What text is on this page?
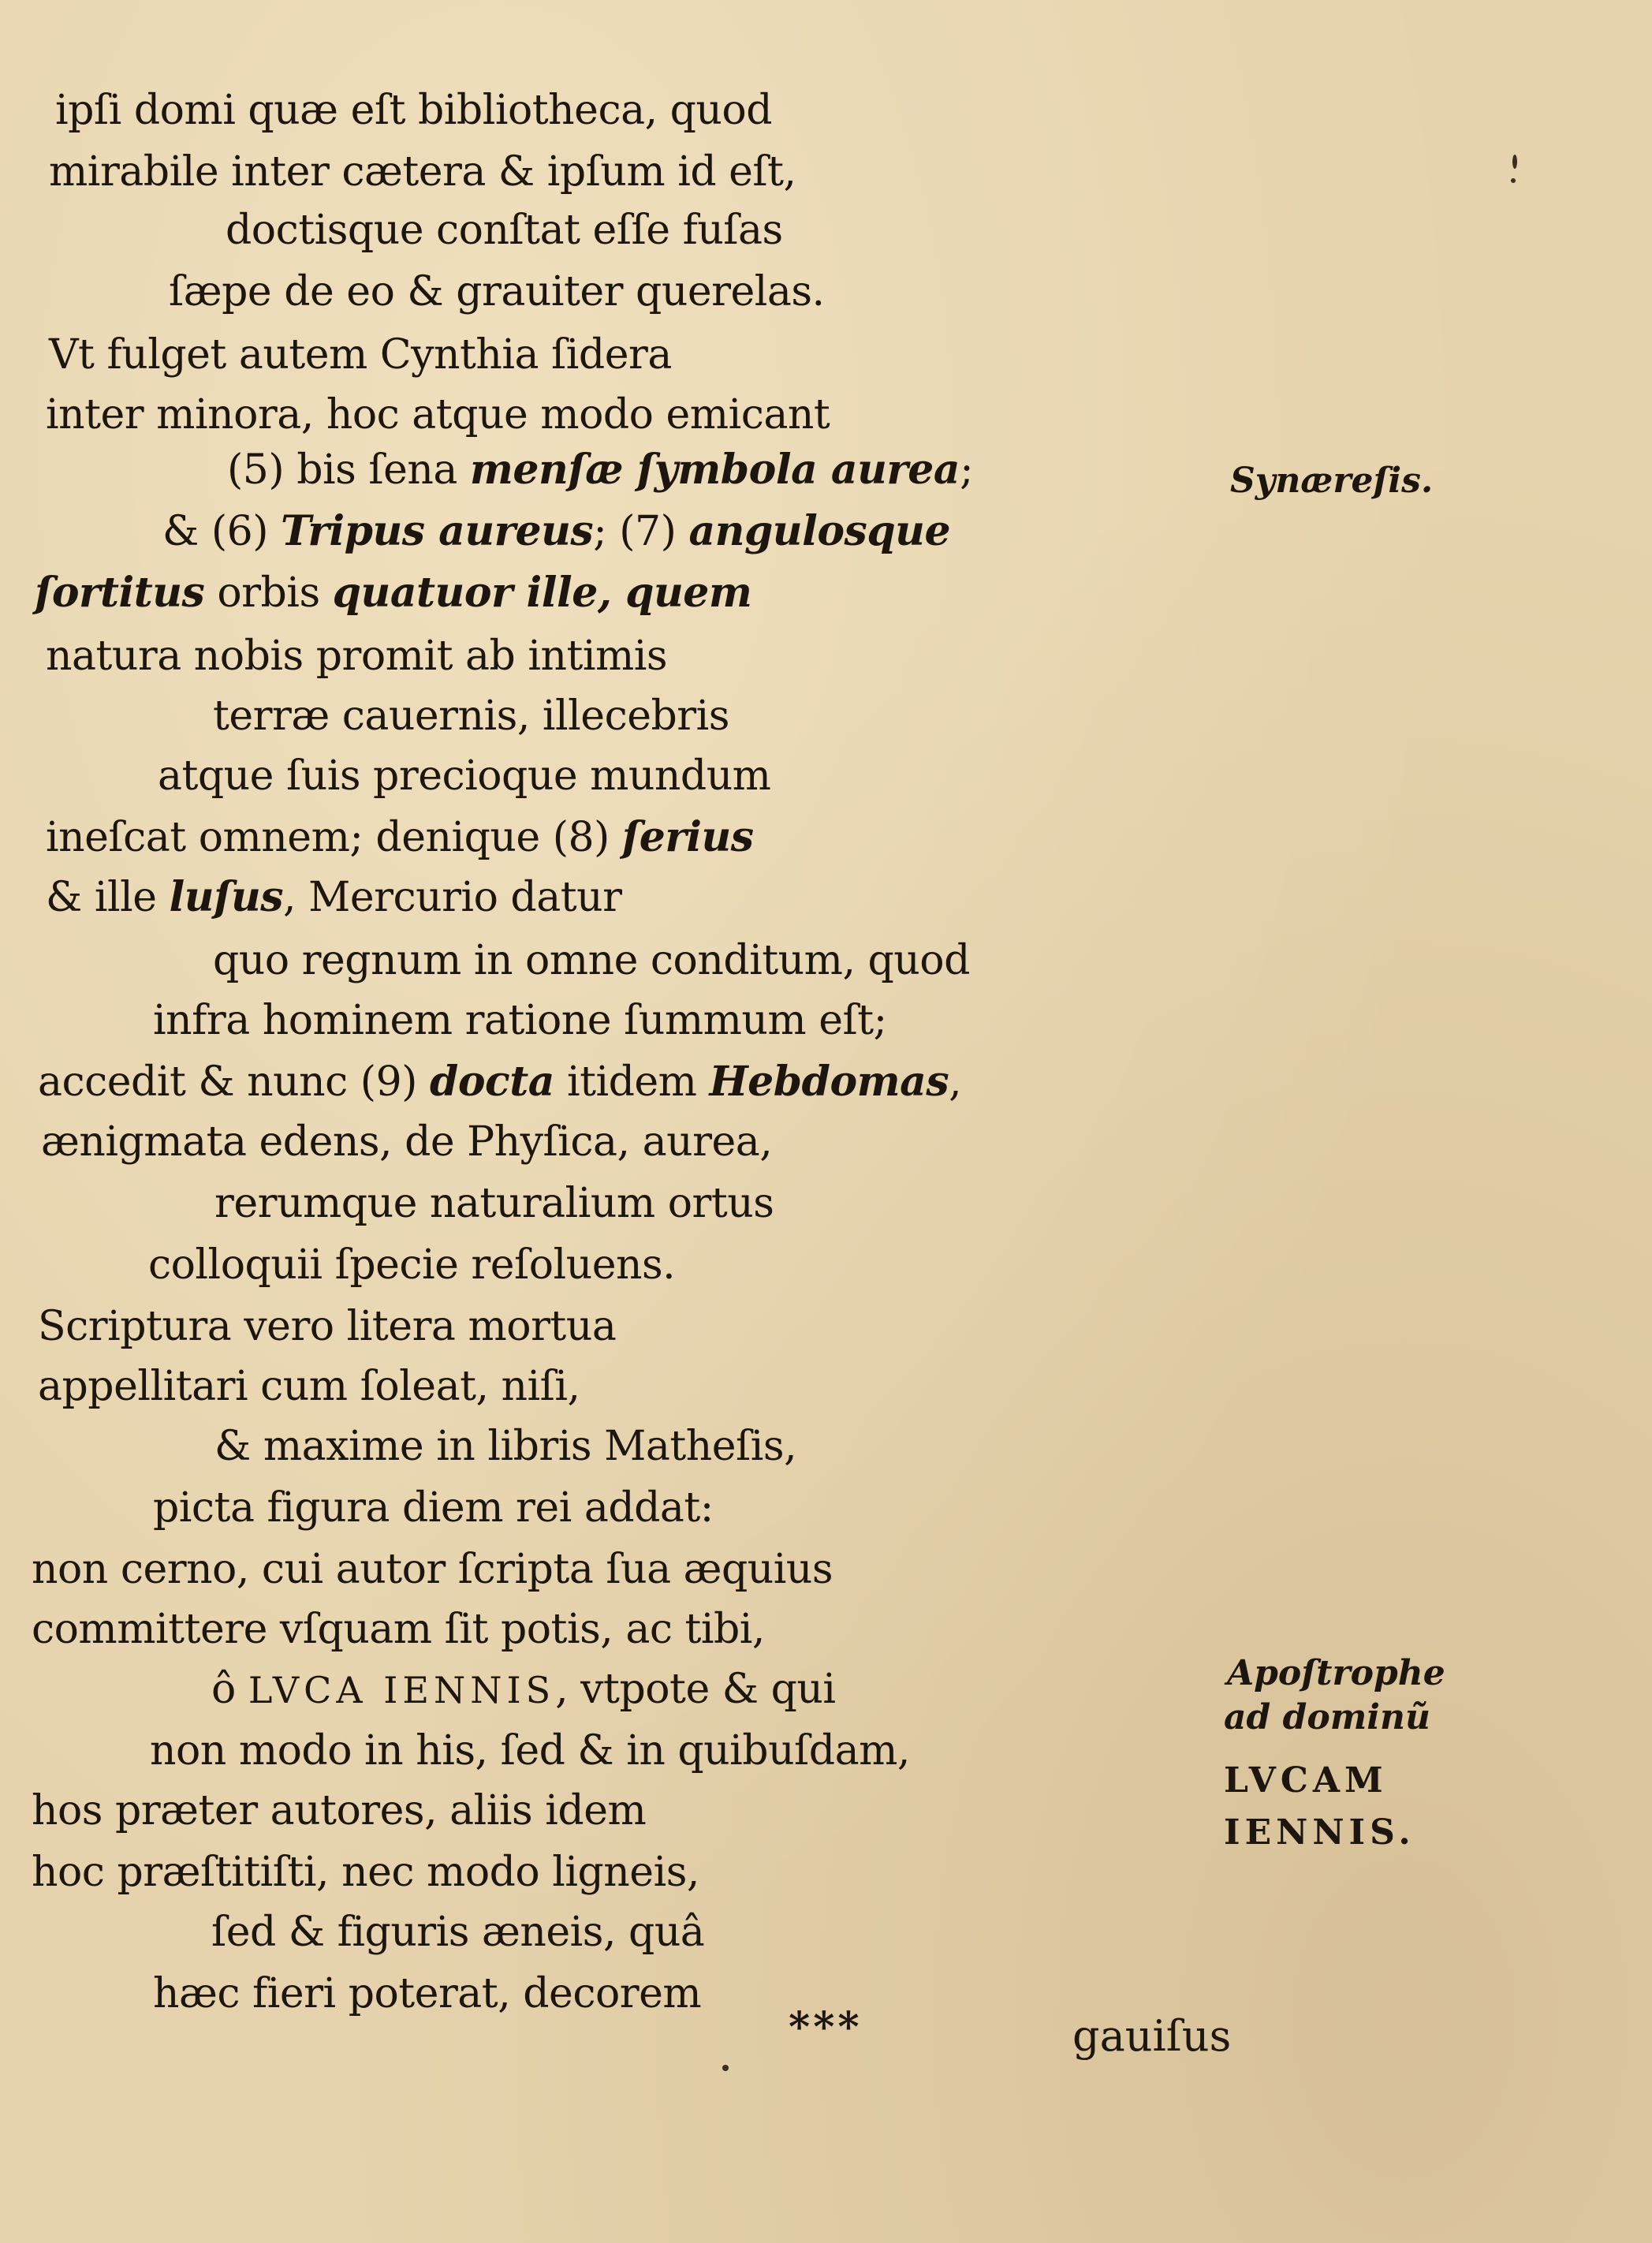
ipſi domi quæ eſt bibliotheca, quod
mirabile inter cætera & ipſum id eſt,
doctisque conſtat eſſe fuſas
ſæpe de eo & grauiter querelas.
Vt fulget autem Cynthia ſidera
inter minora, hoc atque modo emicant
(5) bis ſena menſæ ſymbola aurea;
& (6) Tripus aureus; (7) angulosque
ſortitus orbis quatuor ille, quem
natura nobis promit ab intimis
terræ cauernis, illecebris
atque ſuis precioque mundum
ineſcat omnem; denique (8) ſerius
& ille luſus, Mercurio datur
quo regnum in omne conditum, quod
infra hominem ratione ſummum eſt;
accedit & nunc (9) docta itidem Hebdomas,
ænigmata edens, de Phyſica, aurea,
rerumque naturalium ortus
colloquii ſpecie reſoluens.
Scriptura vero litera mortua
appellitari cum ſoleat, niſi,
& maxime in libris Matheſis,
picta figura diem rei addat:
non cerno, cui autor ſcripta ſua æquius
committere vſquam ſit potis, ac tibi,
ô LVCA IENNIS, vtpote & qui
non modo in his, ſed & in quibuſdam,
hos præter autores, aliis idem
hoc præſtitiſti, nec modo ligneis,
ſed & figuris æneis, quâ
hæc fieri poterat, decorem
Synæreſis.
Apoſtrophe
ad dominũ
LVCAM
IENNIS.
***	gauiſus
